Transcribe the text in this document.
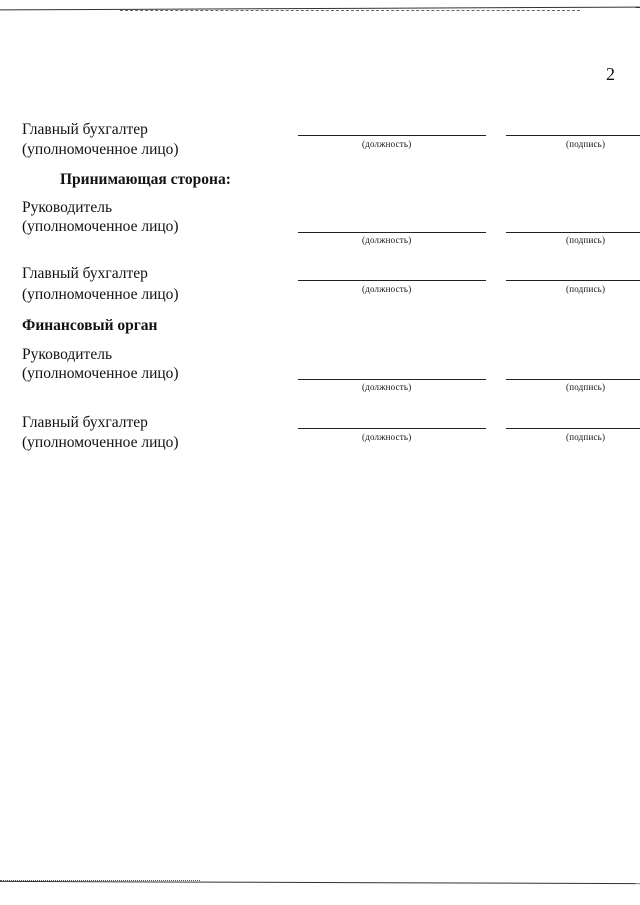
2
Главный бухгалтер
(уполномоченное лицо)	(должность)	(подпись)
Принимающая сторона:
Руководитель
(уполномоченное лицо)
(должность)	(подпись)
Главный бухгалтер
(уполномоченное лицо)	(должность)	(подпись)
Финансовый орган
Руководитель
(уполномоченное лицо)
(должность)	(подпись)
Главный бухгалтер
(уполномоченное лицо)	(должность)	(подпись)
